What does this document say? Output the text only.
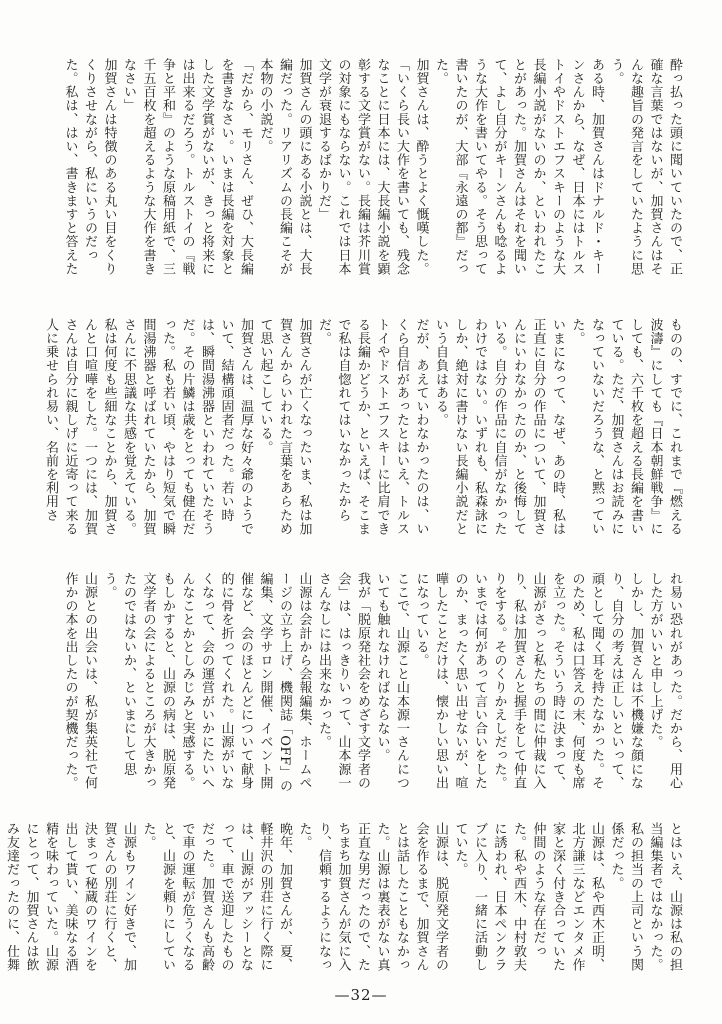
酔っ払った頭に聞いていたので、正確な言葉ではないが、加賀さんはそんな趣旨の発言をしていたように思う。

ある時、加賀さんはドナルド・キーンさんから、なぜ、日本にはトルストイやドストエフスキーのような大長編小説がないのか、といわれたことがあった。加賀さんはそれを聞いて、よし自分がキーンさんも唸るような大作を書いてやる。そう思って書いたのが、大部『永遠の都』だった。

加賀さんは、酔うとよく慨嘆した。

「いくら長い大作を書いても、残念なことに日本には、大長編小説を顕彰する文学賞がない。長編は芥川賞の対象にもならない。これでは日本文学が衰退するばかりだ」

加賀さんの頭にある小説とは、大長編だった。リアリズムの長編こそが本物の小説だ。

「だから、モリさん、ぜひ、大長編を書きなさい。いまは長編を対象とした文学賞がないが、きっと将来には出来るだろう。トルストイの『戦争と平和』のような原稿用紙で、三千五百枚を超えるような大作を書きなさい」

加賀さんは特徴のある丸い目をくりくりさせながら、私にいうのだった。私は、はい、書きますと答えた

ものの、すでに、これまで『燃える波濤』にしても『日本朝鮮戦争』にしても、六千枚を超える長編を書いている。ただ、加賀さんはお読みになっていないだろうな、と黙っていた。

いまになって、なぜ、あの時、私は正直に自分の作品について、加賀さんにいわなかったのか、と後悔している。自分の作品に自信がなかったわけではない。いずれも、私森詠にしか、絶対に書けない長編小説だという自負はある。

だが、あえていわなかったのは、いくら自信があったとはいえ、トルストイやドストエフスキーに比肩できる長編かどうか、といえば、そこまで私は自惚れてはいなかったからだ。

加賀さんが亡くなったいま、私は加賀さんからいわれた言葉をあらためて思い起こしている。

加賀さんは、温厚な好々爺のようでいて、結構頑固者だった。若い時は、瞬間湯沸器といわれていたそうだ。その片鱗は歳をとっても健在だった。私も若い頃、やはり短気で瞬間湯沸器と呼ばれていたから、加賀さんに不思議な共感を覚えている。

私は何度も些細なことから、加賀さんと口喧嘩をした。一つには、加賀さんは自分に親しげに近寄って来る人に乗せられ易い、名前を利用さ

れ易い恐れがあった。だから、用心した方がいいと申し上げた。

しかし、加賀さんは不機嫌な顔になり、自分の考えは正しいといって、頑として聞く耳を持たなかった。そのため、私は口答えの末、何度も席を立った。そういう時に決まって、山源がさっと私たちの間に仲裁に入り、私は加賀さんと握手をして仲直りをする。そのくりかえしだった。

いまでは何があって言い合いをしたのか、まったく思い出せないが、喧嘩したことだけは、懐かしい思い出になっている。

ここで、山源こと山本源一さんについても触れなければならない。

我が「脱原発社会をめざす文学者の会」は、はっきりいって、山本源一さんなしには出来なかった。

山源は会計から会報編集、ホームページの立ち上げ、機関誌「OFF」の編集、文学サロン開催、イベント開催など、会のほとんどについて献身的に骨を折ってくれた。山源がいなくなって、会の運営がいかにたいへんなことかとしみじみと実感する。

もしかすると、山源の病は、脱原発文学者の会によるところが大きかったのではないか、といまにして思う。

山源との出会いは、私が集英社で何作かの本を出したのが契機だった。

とはいえ、山源は私の担当編集者ではなかった。私の担当の上司という関係だった。

山源は、私や西木正明、北方謙三などエンタメ作家と深く付き合っていた仲間のような存在だった。私や西木、中村敦夫に誘われ、日本ペンクラブに入り、一緒に活動していた。

山源は、脱原発文学者の会を作るまで、加賀さんとは話したこともなかった。山源は裏表がない真正直な男だったので、たちまち加賀さんが気に入り、信頼するようになった。

晩年、加賀さんが、夏、軽井沢の別荘に行く際には、山源がアッシーとなって、車で送迎したものだった。加賀さんも高齢で車の運転が危うくなると、山源を頼りにしていた。

山源もワイン好きで、加賀さんの別荘に行くと、決まって秘蔵のワインを出して貰い、美味なる酒精を味わっていた。山源にとって、加賀さんは飲み友達だったのに、仕舞

—32—
